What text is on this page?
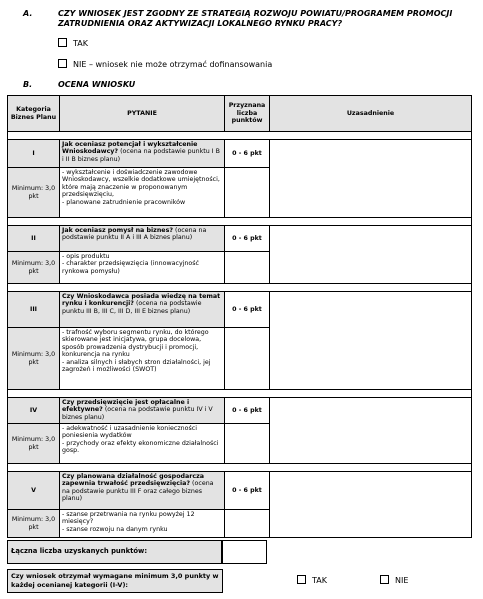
A.	CZY WNIOSEK JEST ZGODNY ZE STRATEGIĄ ROZWOJU POWIATU/PROGRAMEM PROMOCJI
ZATRUDNIENIA ORAZ AKTYWIZACJI LOKALNEGO RYNKU PRACY?
TAK
NIE – wniosek nie może otrzymać dofinansowania
B.	OCENA WNIOSKU
Kategoria Biznes Planu	PYTANIE	Przyznana liczba punktów	Uzasadnienie

I	Jak oceniasz potencjał i wykształcenie Wnioskodawcy? (ocena na podstawie punktu I B i II B biznes planu)	0 - 6 pkt	
Minimum: 3,0 pkt	- wykształcenie i doświadczenie zawodowe Wnioskodawcy, wszelkie dodatkowe umiejętności, które mają znaczenie w proponowanym przedsięwzięciu,
- planowane zatrudnienie pracowników		

II	Jak oceniasz pomysł na biznes? (ocena na podstawie punktu II A i III A biznes planu)	0 - 6 pkt	
Minimum: 3,0 pkt	- opis produktu
- charakter przedsięwzięcia (innowacyjność rynkowa pomysłu)		

III	Czy Wnioskodawca posiada wiedzę na temat rynku i konkurencji? (ocena na podstawie punktu III B, III C, III D, III E biznes planu)	0 - 6 pkt	
Minimum: 3,0 pkt	- trafność wyboru segmentu rynku, do którego skierowane jest inicjatywa, grupa docelowa, sposób prowadzenia dystrybucji i promocji, konkurencja na rynku
- analiza silnych i słabych stron działalności, jej zagrożeń i możliwości (SWOT)		

IV	Czy przedsięwzięcie jest opłacalne i efektywne? (ocena na podstawie punktu IV i V biznes planu)	0 - 6 pkt	
Minimum: 3,0 pkt	- adekwatność i uzasadnienie konieczności poniesienia wydatków
- przychody oraz efekty ekonomiczne działalności gosp.		

V	Czy planowana działalność gospodarcza zapewnia trwałość przedsięwzięcia? (ocena na podstawie punktu III F oraz całego biznes planu)	0 - 6 pkt	
Minimum: 3,0 pkt	- szanse przetrwania na rynku powyżej 12 miesięcy?
- szanse rozwoju na danym rynku		

Łączna liczba uzyskanych punktów:
Czy wniosek otrzymał wymagane minimum 3,0 punkty w każdej ocenianej kategorii (I-V):	TAK	NIE
